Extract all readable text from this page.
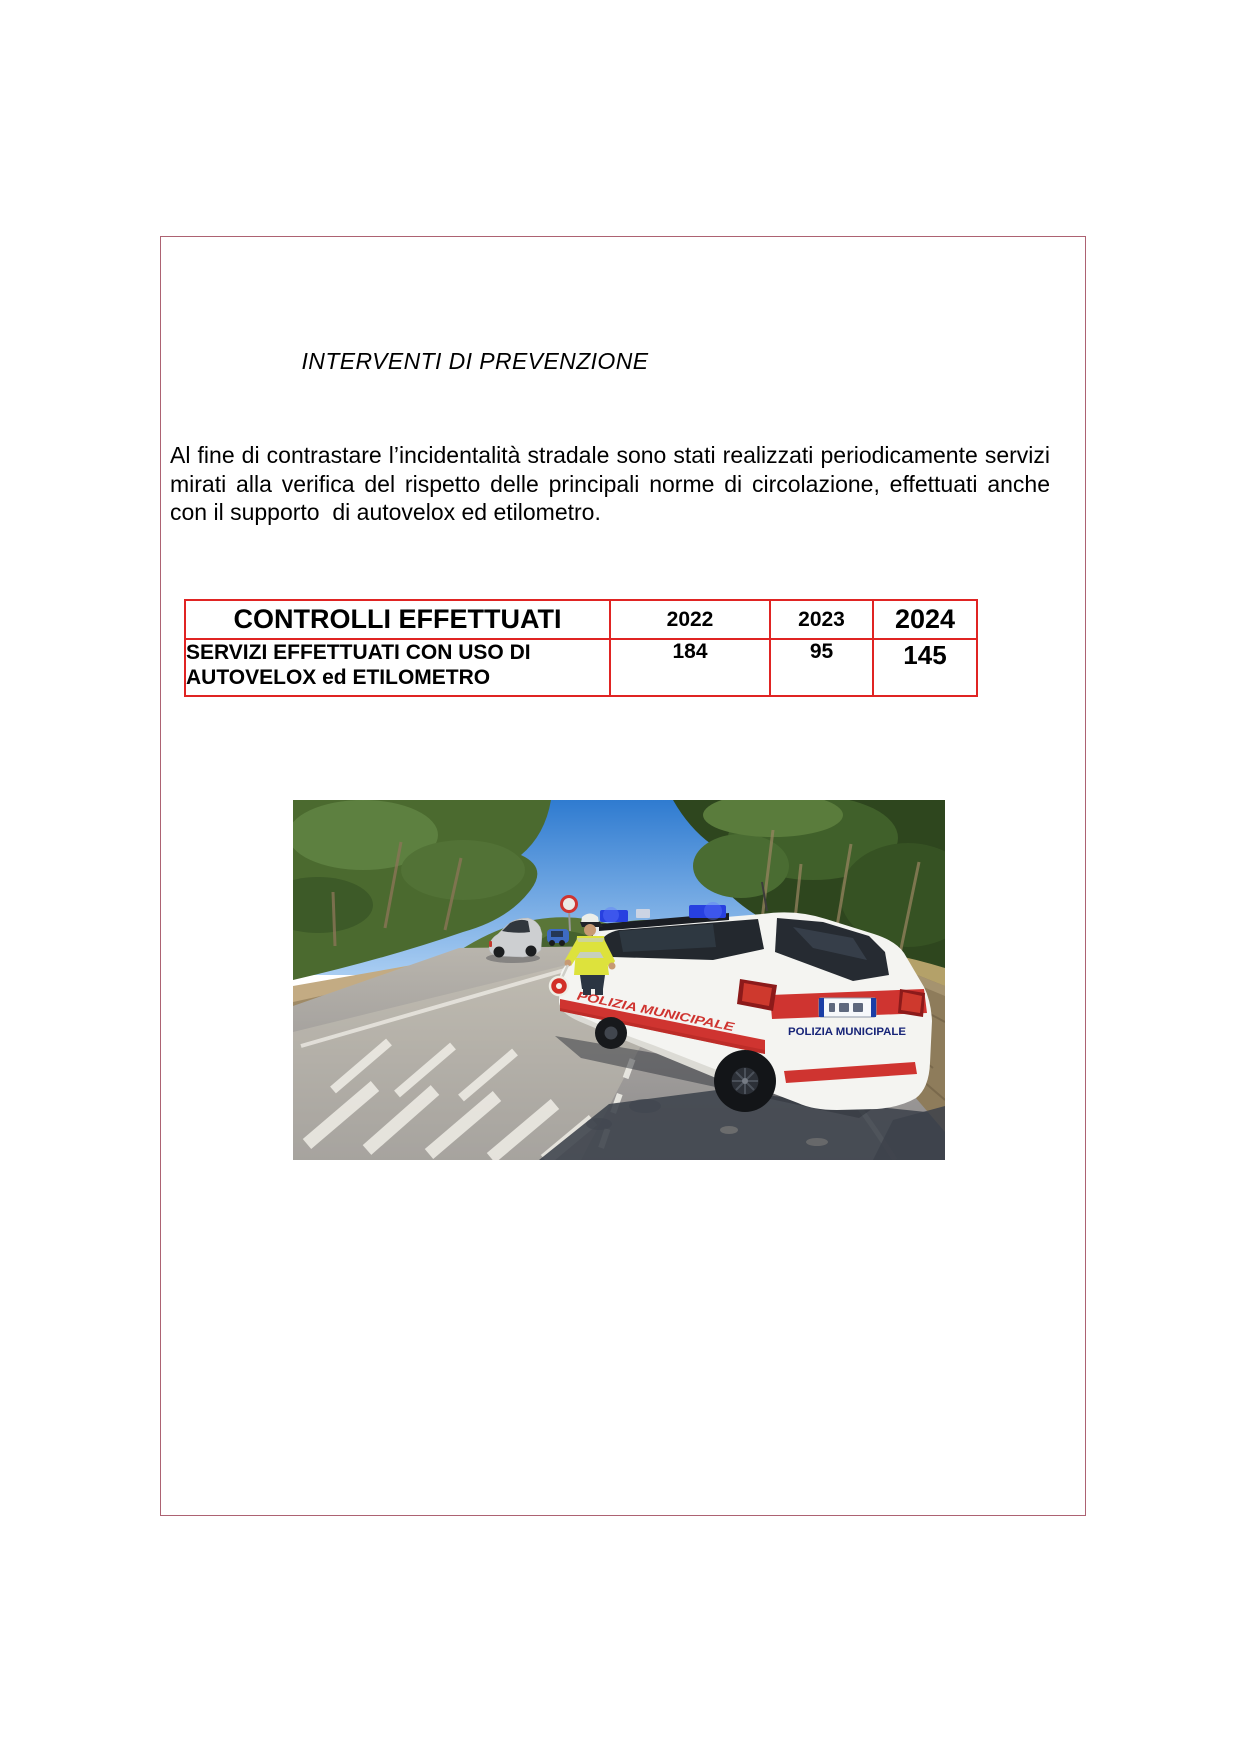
INTERVENTI DI PREVENZIONE

Al fine di contrastare l’incidentalità stradale sono stati realizzati periodicamente servizi mirati alla verifica del rispetto delle principali norme di circolazione, effettuati anche con il supporto  di autovelox ed etilometro.

CONTROLLI EFFETTUATI	2022	2023	2024
SERVIZI EFFETTUATI CON USO DI AUTOVELOX ed ETILOMETRO	184	95	145
POLIZIA MUNICIPALE
POLIZIA MUNICIPALE
